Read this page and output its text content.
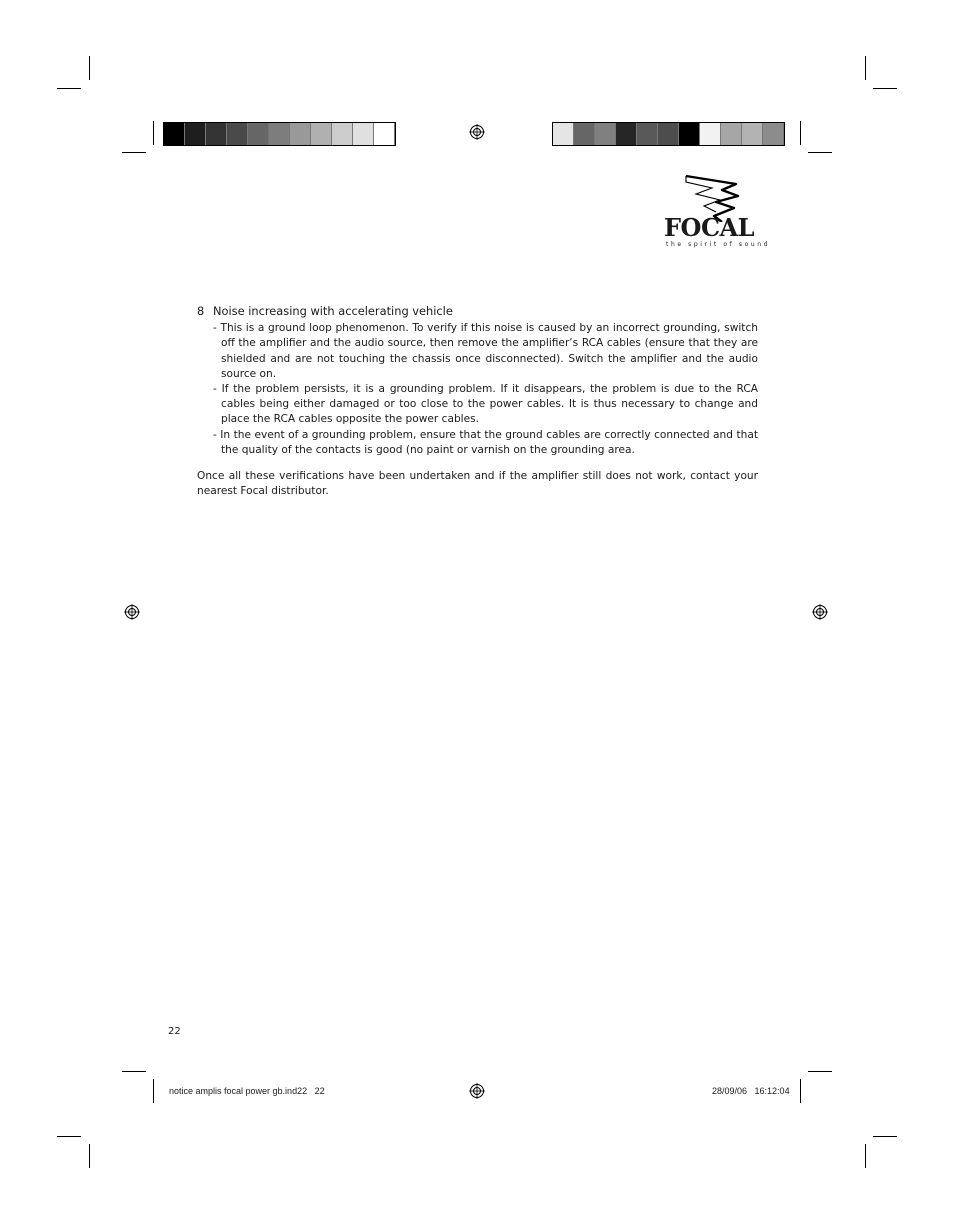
FOCAL
the spirit of sound

8 Noise increasing with accelerating vehicle

- This is a ground loop phenomenon. To verify if this noise is caused by an incorrect grounding, switch off the amplifier and the audio source, then remove the amplifier’s RCA cables (ensure that they are shielded and are not touching the chassis once disconnected). Switch the amplifier and the audio source on.

- If the problem persists, it is a grounding problem. If it disappears, the problem is due to the RCA cables being either damaged or too close to the power cables. It is thus necessary to change and place the RCA cables opposite the power cables.

- In the event of a grounding problem, ensure that the ground cables are correctly connected and that the quality of the contacts is good (no paint or varnish on the grounding area.

Once all these verifications have been undertaken and if the amplifier still does not work, contact your nearest Focal distributor.

22
notice amplis focal power gb.ind22   22	28/09/06   16:12:04
